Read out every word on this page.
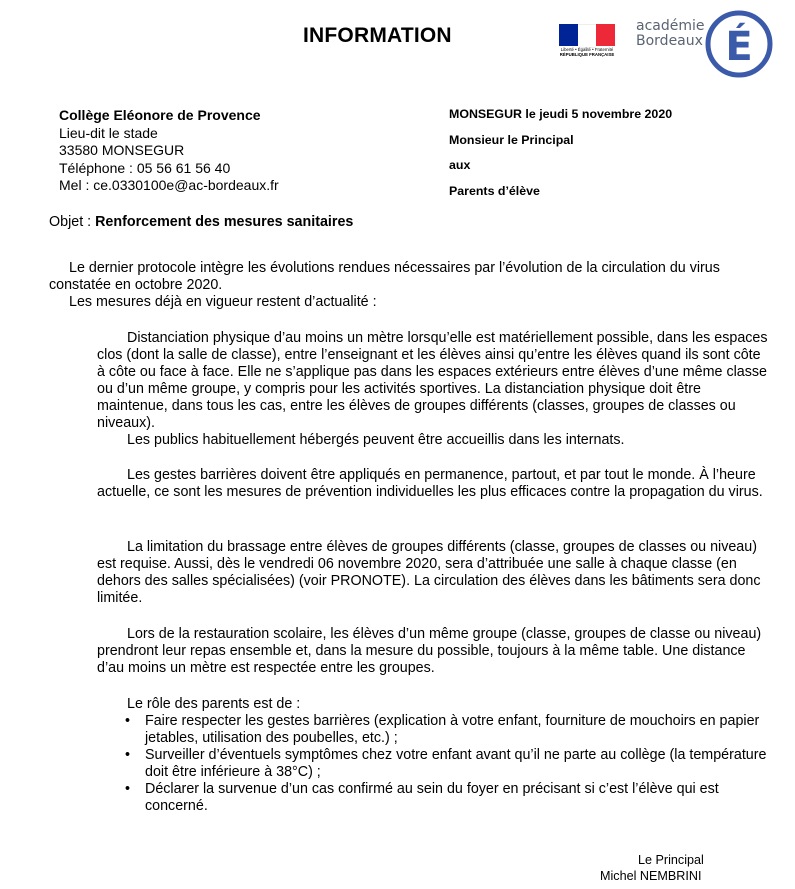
INFORMATION
Liberté • Égalité • Fraternité
RÉPUBLIQUE FRANÇAISE
académie
Bordeaux É
Collège Eléonore de Provence
Lieu-dit le stade
33580 MONSEGUR
Téléphone : 05 56 61 56 40
Mel : ce.0330100e@ac-bordeaux.fr
MONSEGUR le jeudi 5 novembre 2020
Monsieur le Principal
aux
Parents d’élève
Objet : Renforcement des mesures sanitaires
Le dernier protocole intègre les évolutions rendues nécessaires par l’évolution de la circulation du virus
constatée en octobre 2020.
Les mesures déjà en vigueur restent d’actualité :

Distanciation physique d’au moins un mètre lorsqu’elle est matériellement possible, dans les espaces clos (dont la salle de classe), entre l’enseignant et les élèves ainsi qu’entre les élèves quand ils sont côte à côte ou face à face. Elle ne s’applique pas dans les espaces extérieurs entre élèves d’une même classe ou d’un même groupe, y compris pour les activités sportives. La distanciation physique doit être maintenue, dans tous les cas, entre les élèves de groupes différents (classes, groupes de classes ou niveaux).

Les publics habituellement hébergés peuvent être accueillis dans les internats.

Les gestes barrières doivent être appliqués en permanence, partout, et par tout le monde. À l’heure actuelle, ce sont les mesures de prévention individuelles les plus efficaces contre la propagation du virus.

La limitation du brassage entre élèves de groupes différents (classe, groupes de classes ou niveau) est requise. Aussi, dès le vendredi 06 novembre 2020, sera d’attribuée une salle à chaque classe (en dehors des salles spécialisées) (voir PRONOTE). La circulation des élèves dans les bâtiments sera donc limitée.

Lors de la restauration scolaire, les élèves d’un même groupe (classe, groupes de classe ou niveau) prendront leur repas ensemble et, dans la mesure du possible, toujours à la même table. Une distance d’au moins un mètre est respectée entre les groupes.

Le rôle des parents est de :

• Faire respecter les gestes barrières (explication à votre enfant, fourniture de mouchoirs en papier jetables, utilisation des poubelles, etc.) ;
• Surveiller d’éventuels symptômes chez votre enfant avant qu’il ne parte au collège (la température doit être inférieure à 38°C) ;
• Déclarer la survenue d’un cas confirmé au sein du foyer en précisant si c’est l’élève qui est concerné.
Le Principal
Michel NEMBRINI
